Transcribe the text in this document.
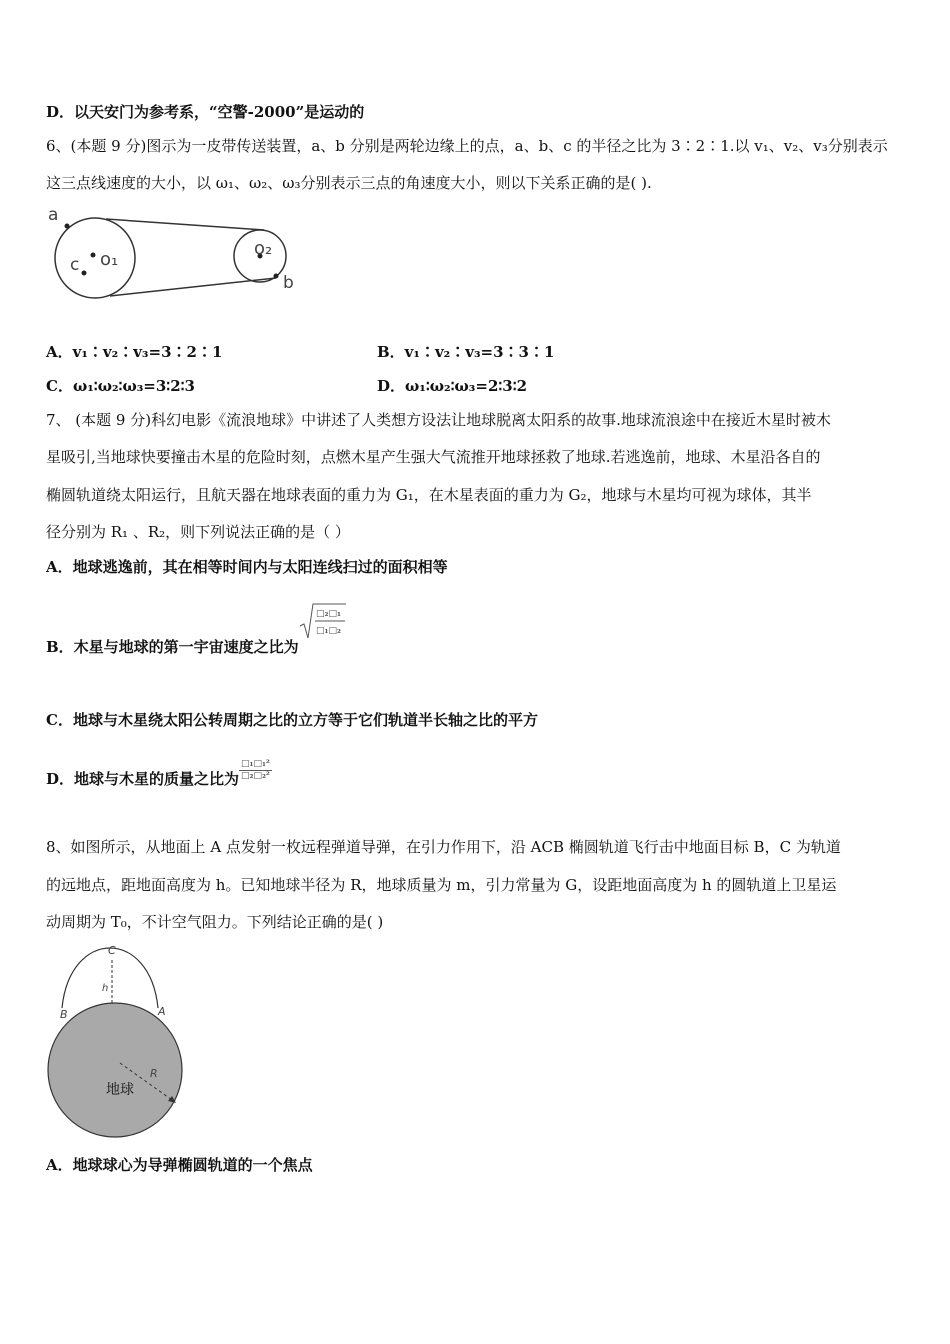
D．以天安门为参考系，“空警-2000”是运动的
6、(本题 9 分)图示为一皮带传送装置，a、b 分别是两轮边缘上的点，a、b、c 的半径之比为 3∶2∶1.以 v₁、v₂、v₃分别表示
这三点线速度的大小，以 ω₁、ω₂、ω₃分别表示三点的角速度大小，则以下关系正确的是( ).
a
c o₁
o₂
b
A．v₁∶v₂∶v₃=3∶2∶1	B．v₁∶v₂∶v₃=3∶3∶1
C．ω₁∶ω₂∶ω₃=3∶2∶3	D．ω₁∶ω₂∶ω₃=2∶3∶2
7、 (本题 9 分)科幻电影《流浪地球》中讲述了人类想方设法让地球脱离太阳系的故事.地球流浪途中在接近木星时被木
星吸引,当地球快要撞击木星的危险时刻，点燃木星产生强大气流推开地球拯救了地球.若逃逸前，地球、木星沿各自的
椭圆轨道绕太阳运行，且航天器在地球表面的重力为 G₁，在木星表面的重力为 G₂，地球与木星均可视为球体，其半
径分别为 R₁ 、R₂，则下列说法正确的是（ ）
A．地球逃逸前，其在相等时间内与太阳连线扫过的面积相等
B．木星与地球的第一宇宙速度之比为
□₂□₁
□₁□₂
C．地球与木星绕太阳公转周期之比的立方等于它们轨道半长轴之比的平方
D．地球与木星的质量之比为 $\frac{\text{□₁□₁²}}{\text{□₂□₂²}}$
8、如图所示，从地面上 A 点发射一枚远程弹道导弹，在引力作用下，沿 ACB 椭圆轨道飞行击中地面目标 B，C 为轨道
的远地点，距地面高度为 h。已知地球半径为 R，地球质量为 m，引力常量为 G，设距地面高度为 h 的圆轨道上卫星运
动周期为 T₀，不计空气阻力。下列结论正确的是( )
C
h
B	A
R
地球
A．地球球心为导弹椭圆轨道的一个焦点
